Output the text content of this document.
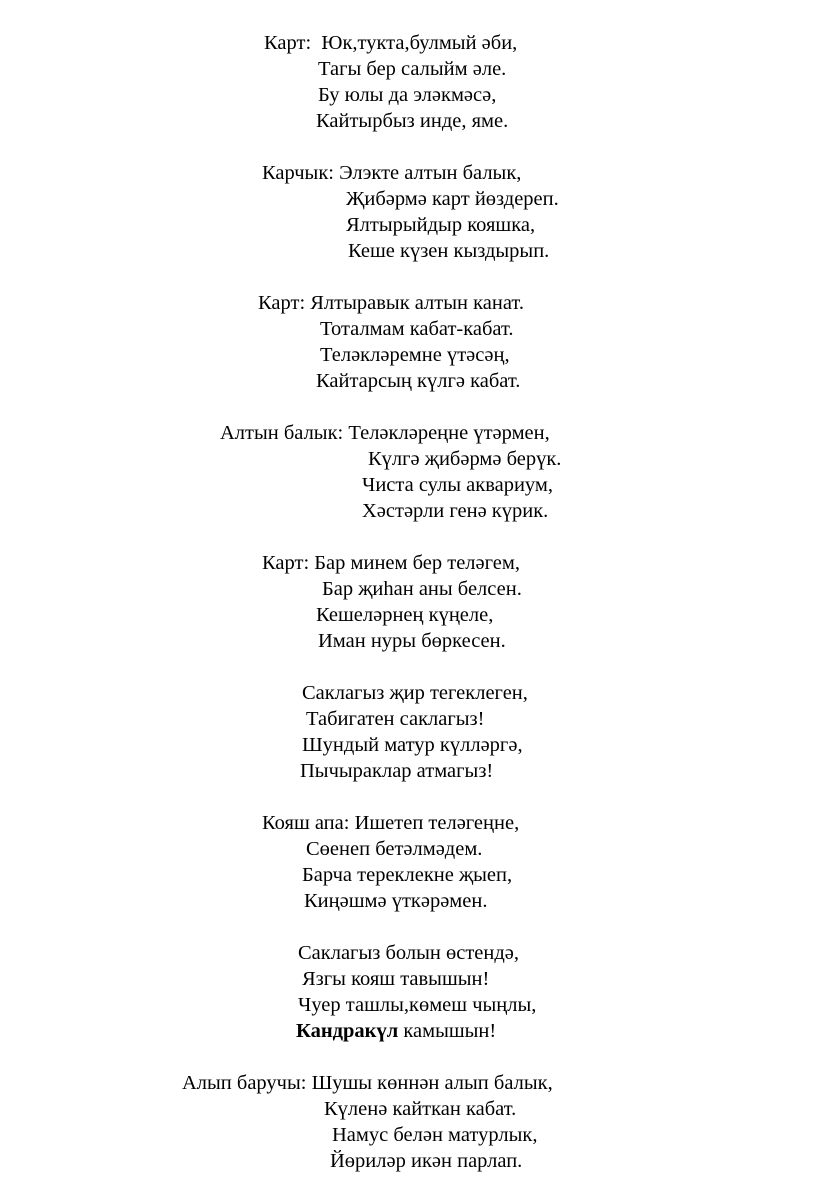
Карт:  Юк,тукта,булмый әби,
Тагы бер салыйм әле.
Бу юлы да эләкмәсә,
Кайтырбыз инде, яме.
Карчык: Элэкте алтын балык,
Җибәрмә карт йөздереп.
Ялтырыйдыр кояшка,
Кеше күзен кыздырып.
Карт: Ялтыравык алтын канат.
Тоталмам кабат-кабат.
Теләкләремне үтәсәң,
Кайтарсың күлгә кабат.
Алтын балык: Теләкләреңне үтәрмен,
Күлгә җибәрмә берүк.
Чиста сулы аквариум,
Хәстәрли генә күрик.
Карт: Бар минем бер теләгем,
Бар җиһан аны белсен.
Кешеләрнең күңеле,
Иман нуры бөркесен.
Саклагыз җир тегеклеген,
Табигатен саклагыз!
Шундый матур күлләргә,
Пычыраклар атмагыз!
Кояш апа: Ишетеп теләгеңне,
Сөенеп бетәлмәдем.
Барча тереклекне җыеп,
Киңәшмә үткәрәмен.
Саклагыз болын өстендә,
Язгы кояш тавышын!
Чуер ташлы,көмеш чыңлы,
Кандракүл камышын!
Алып баручы: Шушы көннән алып балык,
Күленә кайткан кабат.
Намус белән матурлык,
Йөриләр икән парлап.
